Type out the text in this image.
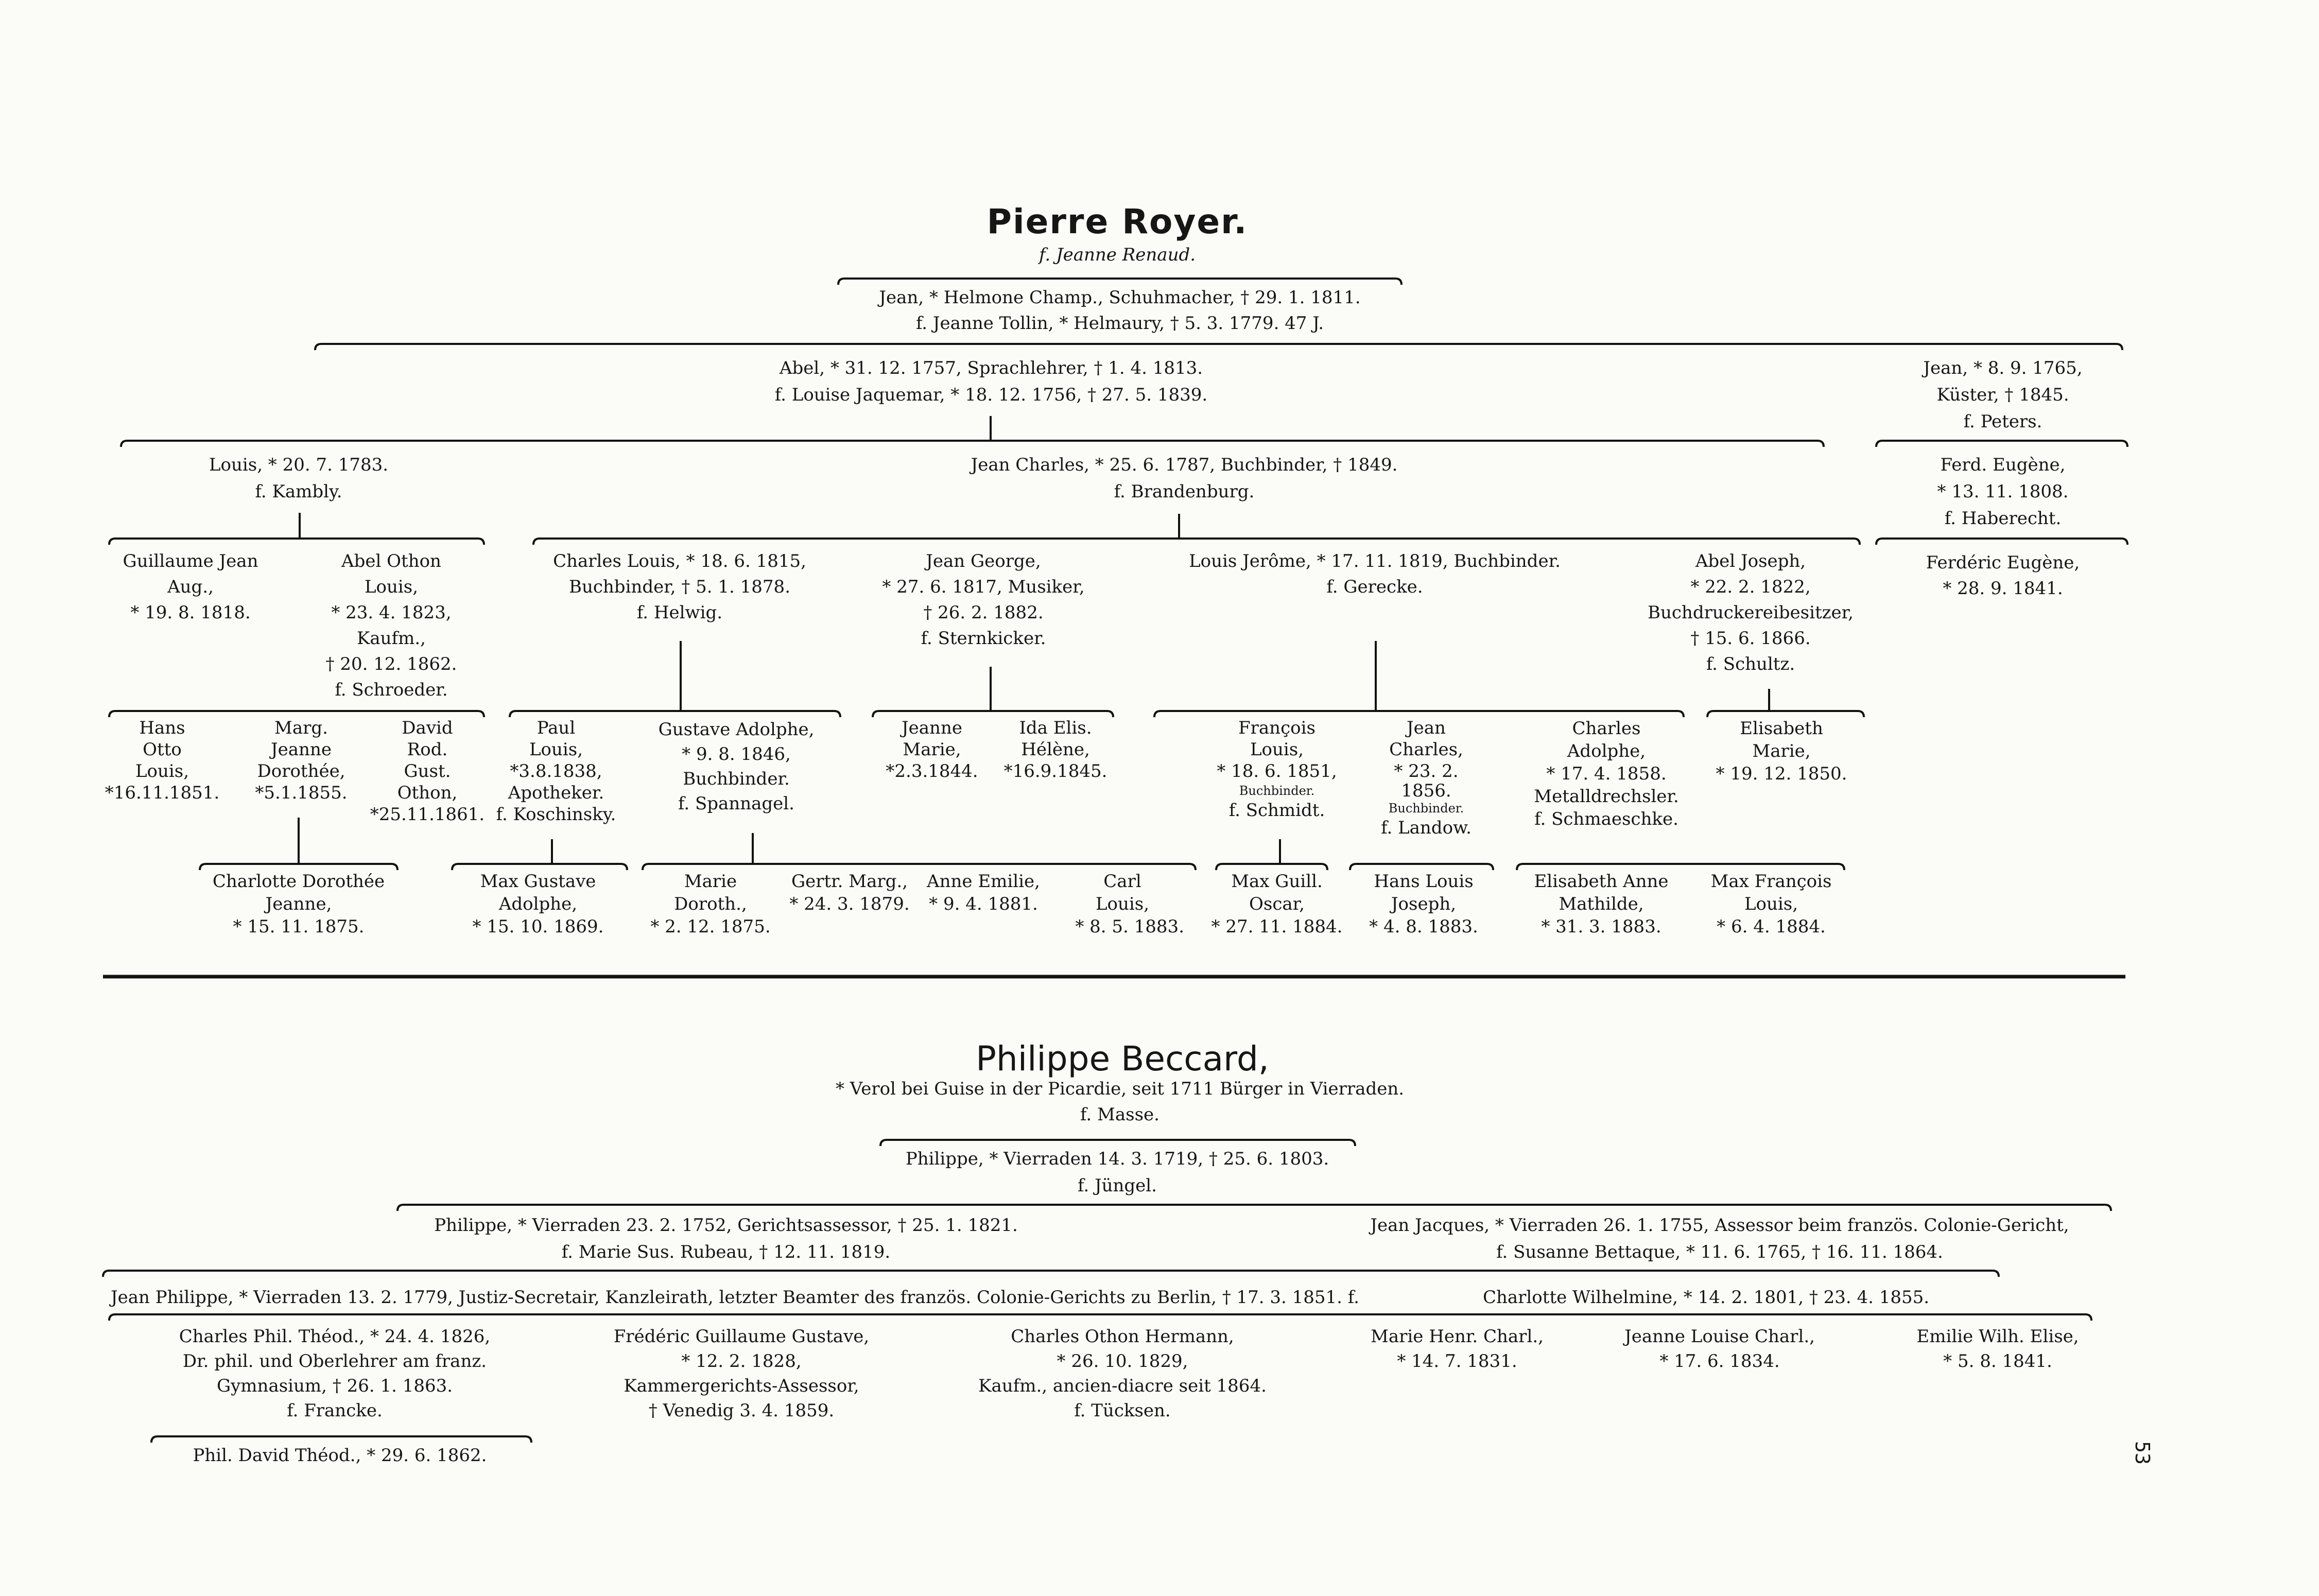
Pierre Royer.
f. Jeanne Renaud.
Jean, * Helmone Champ., Schuhmacher, † 29. 1. 1811.
f. Jeanne Tollin, * Helmaury, † 5. 3. 1779. 47 J.
Abel, * 31. 12. 1757, Sprachlehrer, † 1. 4. 1813.
f. Louise Jaquemar, * 18. 12. 1756, † 27. 5. 1839.
Jean, * 8. 9. 1765,
Küster, † 1845.
f. Peters.
Ferd. Eugène,
* 13. 11. 1808.
f. Haberecht.
Ferdéric Eugène,
* 28. 9. 1841.
Louis, * 20. 7. 1783.
f. Kambly.
Jean Charles, * 25. 6. 1787, Buchbinder, † 1849.
f. Brandenburg.
Guillaume Jean
Aug.,
* 19. 8. 1818.
Abel Othon
Louis,
* 23. 4. 1823,
Kaufm.,
† 20. 12. 1862.
f. Schroeder.
Charles Louis, * 18. 6. 1815,
Buchbinder, † 5. 1. 1878.
f. Helwig.
Jean George,
* 27. 6. 1817, Musiker,
† 26. 2. 1882.
f. Sternkicker.
Louis Jerôme, * 17. 11. 1819, Buchbinder.
f. Gerecke.
Abel Joseph,
* 22. 2. 1822,
Buchdruckereibesitzer,
† 15. 6. 1866.
f. Schultz.
Hans
Otto
Louis,
*16.11.1851.
Marg.
Jeanne
Dorothée,
*5.1.1855.
David
Rod.
Gust.
Othon,
*25.11.1861.
Paul
Louis,
*3.8.1838,
Apotheker.
f. Koschinsky.
Gustave Adolphe,
* 9. 8. 1846,
Buchbinder.
f. Spannagel.
Jeanne
Marie,
*2.3.1844.
Ida Elis.
Hélène,
*16.9.1845.
François
Louis,
* 18. 6. 1851,
Buchbinder.
f. Schmidt.
Jean
Charles,
* 23. 2.
1856.
Buchbinder.
f. Landow.
Charles
Adolphe,
* 17. 4. 1858.
Metalldrechsler.
f. Schmaeschke.
Elisabeth
Marie,
* 19. 12. 1850.
Charlotte Dorothée
Jeanne,
* 15. 11. 1875.
Max Gustave
Adolphe,
* 15. 10. 1869.
Marie
Doroth.,
* 2. 12. 1875.
Gertr. Marg.,
* 24. 3. 1879.
Anne Emilie,
* 9. 4. 1881.
Carl
Louis,
* 8. 5. 1883.
Max Guill.
Oscar,
* 27. 11. 1884.
Hans Louis
Joseph,
* 4. 8. 1883.
Elisabeth Anne
Mathilde,
* 31. 3. 1883.
Max François
Louis,
* 6. 4. 1884.
Philippe Beccard,
* Verol bei Guise in der Picardie, seit 1711 Bürger in Vierraden.
f. Masse.
Philippe, * Vierraden 14. 3. 1719, † 25. 6. 1803.
f. Jüngel.
Philippe, * Vierraden 23. 2. 1752, Gerichtsassessor, † 25. 1. 1821.
f. Marie Sus. Rubeau, † 12. 11. 1819.
Jean Jacques, * Vierraden 26. 1. 1755, Assessor beim französ. Colonie-Gericht,
f. Susanne Bettaque, * 11. 6. 1765, † 16. 11. 1864.
Jean Philippe, * Vierraden 13. 2. 1779, Justiz-Secretair, Kanzleirath, letzter Beamter des französ. Colonie-Gerichts zu Berlin, † 17. 3. 1851. f.	Charlotte Wilhelmine, * 14. 2. 1801, † 23. 4. 1855.
Charles Phil. Théod., * 24. 4. 1826,
Dr. phil. und Oberlehrer am franz.
Gymnasium, † 26. 1. 1863.
f. Francke.
Frédéric Guillaume Gustave,
* 12. 2. 1828,
Kammergerichts-Assessor,
† Venedig 3. 4. 1859.
Charles Othon Hermann,
* 26. 10. 1829,
Kaufm., ancien-diacre seit 1864.
f. Tücksen.
Marie Henr. Charl.,
* 14. 7. 1831.
Jeanne Louise Charl.,
* 17. 6. 1834.
Emilie Wilh. Elise,
* 5. 8. 1841.
Phil. David Théod., * 29. 6. 1862.	53
